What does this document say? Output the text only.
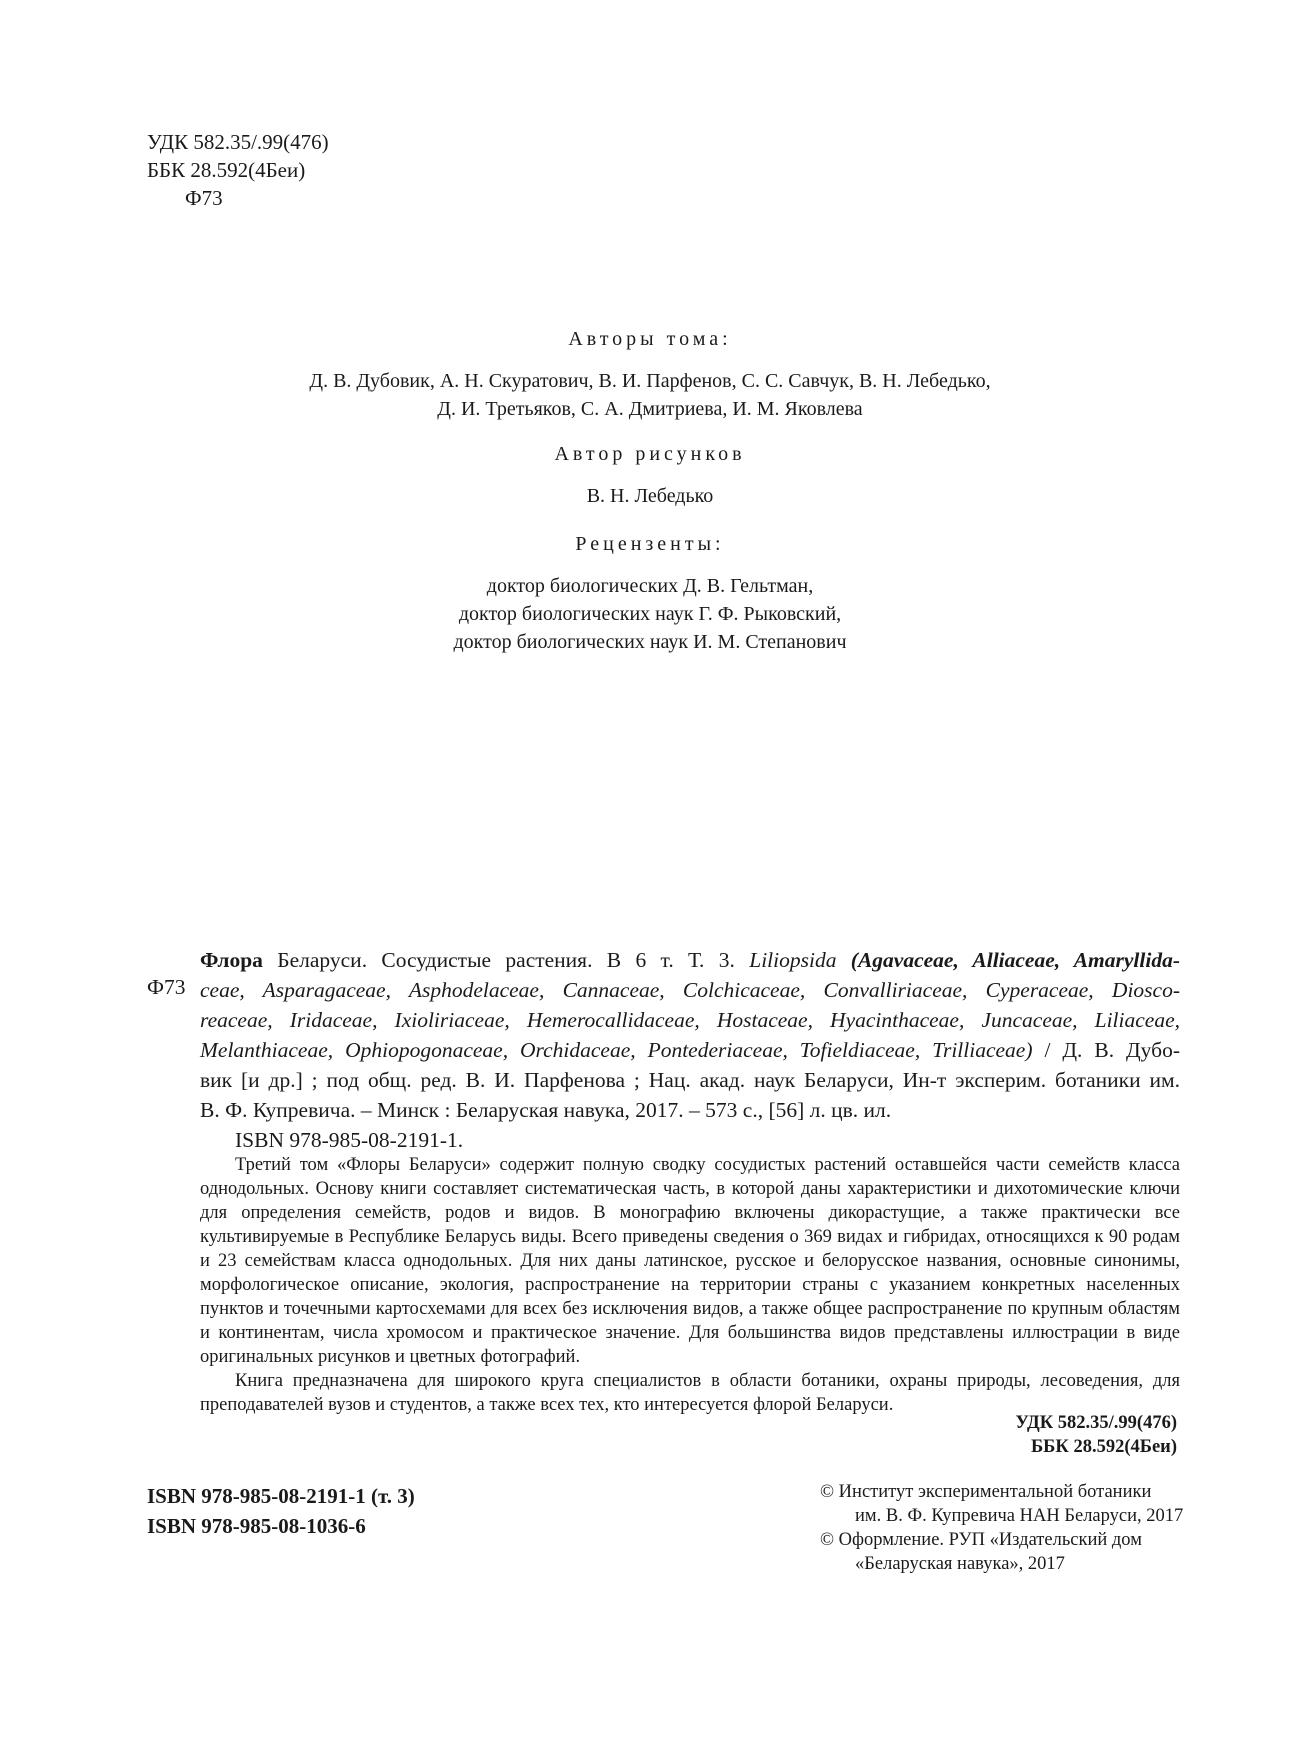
УДК 582.35/.99(476)
ББК 28.592(4Беи)
Ф73
Авторы тома:
Д. В. Дубовик, А. Н. Скуратович, В. И. Парфенов, С. С. Савчук, В. Н. Лебедько,
Д. И. Третьяков, С. А. Дмитриева, И. М. Яковлева
Автор рисунков
В. Н. Лебедько
Рецензенты:
доктор биологических Д. В. Гельтман,
доктор биологических наук Г. Ф. Рыковский,
доктор биологических наук И. М. Степанович
Ф73
Флора Беларуси. Сосудистые растения. В 6 т. Т. 3. Liliopsida (Agavaceae, Alliaceae, Amaryllida-
ceae, Asparagaceae, Asphodelaceae, Cannaceae, Colchicaceae, Convalliriaceae, Cyperaceae, Diosco-
reaceae, Iridaceae, Ixioliriaceae, Hemerocallidaceae, Hostaceae, Hyacinthaceae, Juncaceae, Liliaceae,
Melanthiaceae, Ophiopogonaceae, Orchidaceae, Pontederiaceae, Tofieldiaceae, Trilliaceae) / Д. В. Дубо-
вик [и др.] ; под общ. ред. В. И. Парфенова ; Нац. акад. наук Беларуси, Ин-т эксперим. ботаники им.
В. Ф. Купревича. – Минск : Беларуская навука, 2017. – 573 с., [56] л. цв. ил.
ISBN 978-985-08-2191-1.

Третий том «Флоры Беларуси» содержит полную сводку сосудистых растений оставшейся части семейств класса однодольных. Основу книги составляет систематическая часть, в которой даны характеристики и дихотомические ключи для определения семейств, родов и видов. В монографию включены дикорастущие, а также практически все культивируемые в Республике Беларусь виды. Всего приведены сведения о 369 видах и гибридах, относящихся к 90 родам и 23 семействам класса однодольных. Для них даны латинское, русское и белорусское названия, основные синонимы, морфологическое описание, экология, распространение на территории страны с указанием конкретных населенных пунктов и точечными картосхемами для всех без исключения видов, а также общее распространение по крупным областям и континентам, числа хромосом и практическое значение. Для большинства видов представлены иллюстрации в виде оригинальных рисунков и цветных фотографий.

Книга предназначена для широкого круга специалистов в области ботаники, охраны природы, лесоведения, для преподавателей вузов и студентов, а также всех тех, кто интересуется флорой Беларуси.

УДК 582.35/.99(476)
ББК 28.592(4Беи)
ISBN 978-985-08-2191-1 (т. 3)
ISBN 978-985-08-1036-6
© Институт экспериментальной ботаники
им. В. Ф. Купревича НАН Беларуси, 2017
© Оформление. РУП «Издательский дом
«Беларуская навука», 2017
